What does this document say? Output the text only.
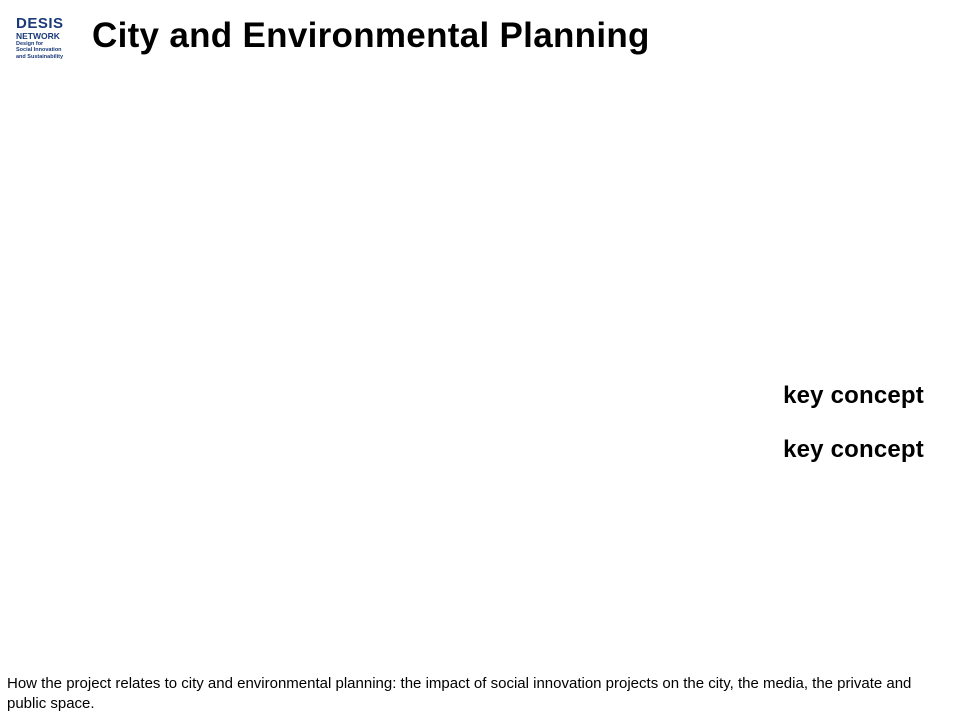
DESIS
NETWORK
Design for
Social Innovation
and Sustainability
City and Environmental Planning
key concept
key concept

How the project relates to city and environmental planning: the impact of social innovation projects on the city, the media, the private and public space.
